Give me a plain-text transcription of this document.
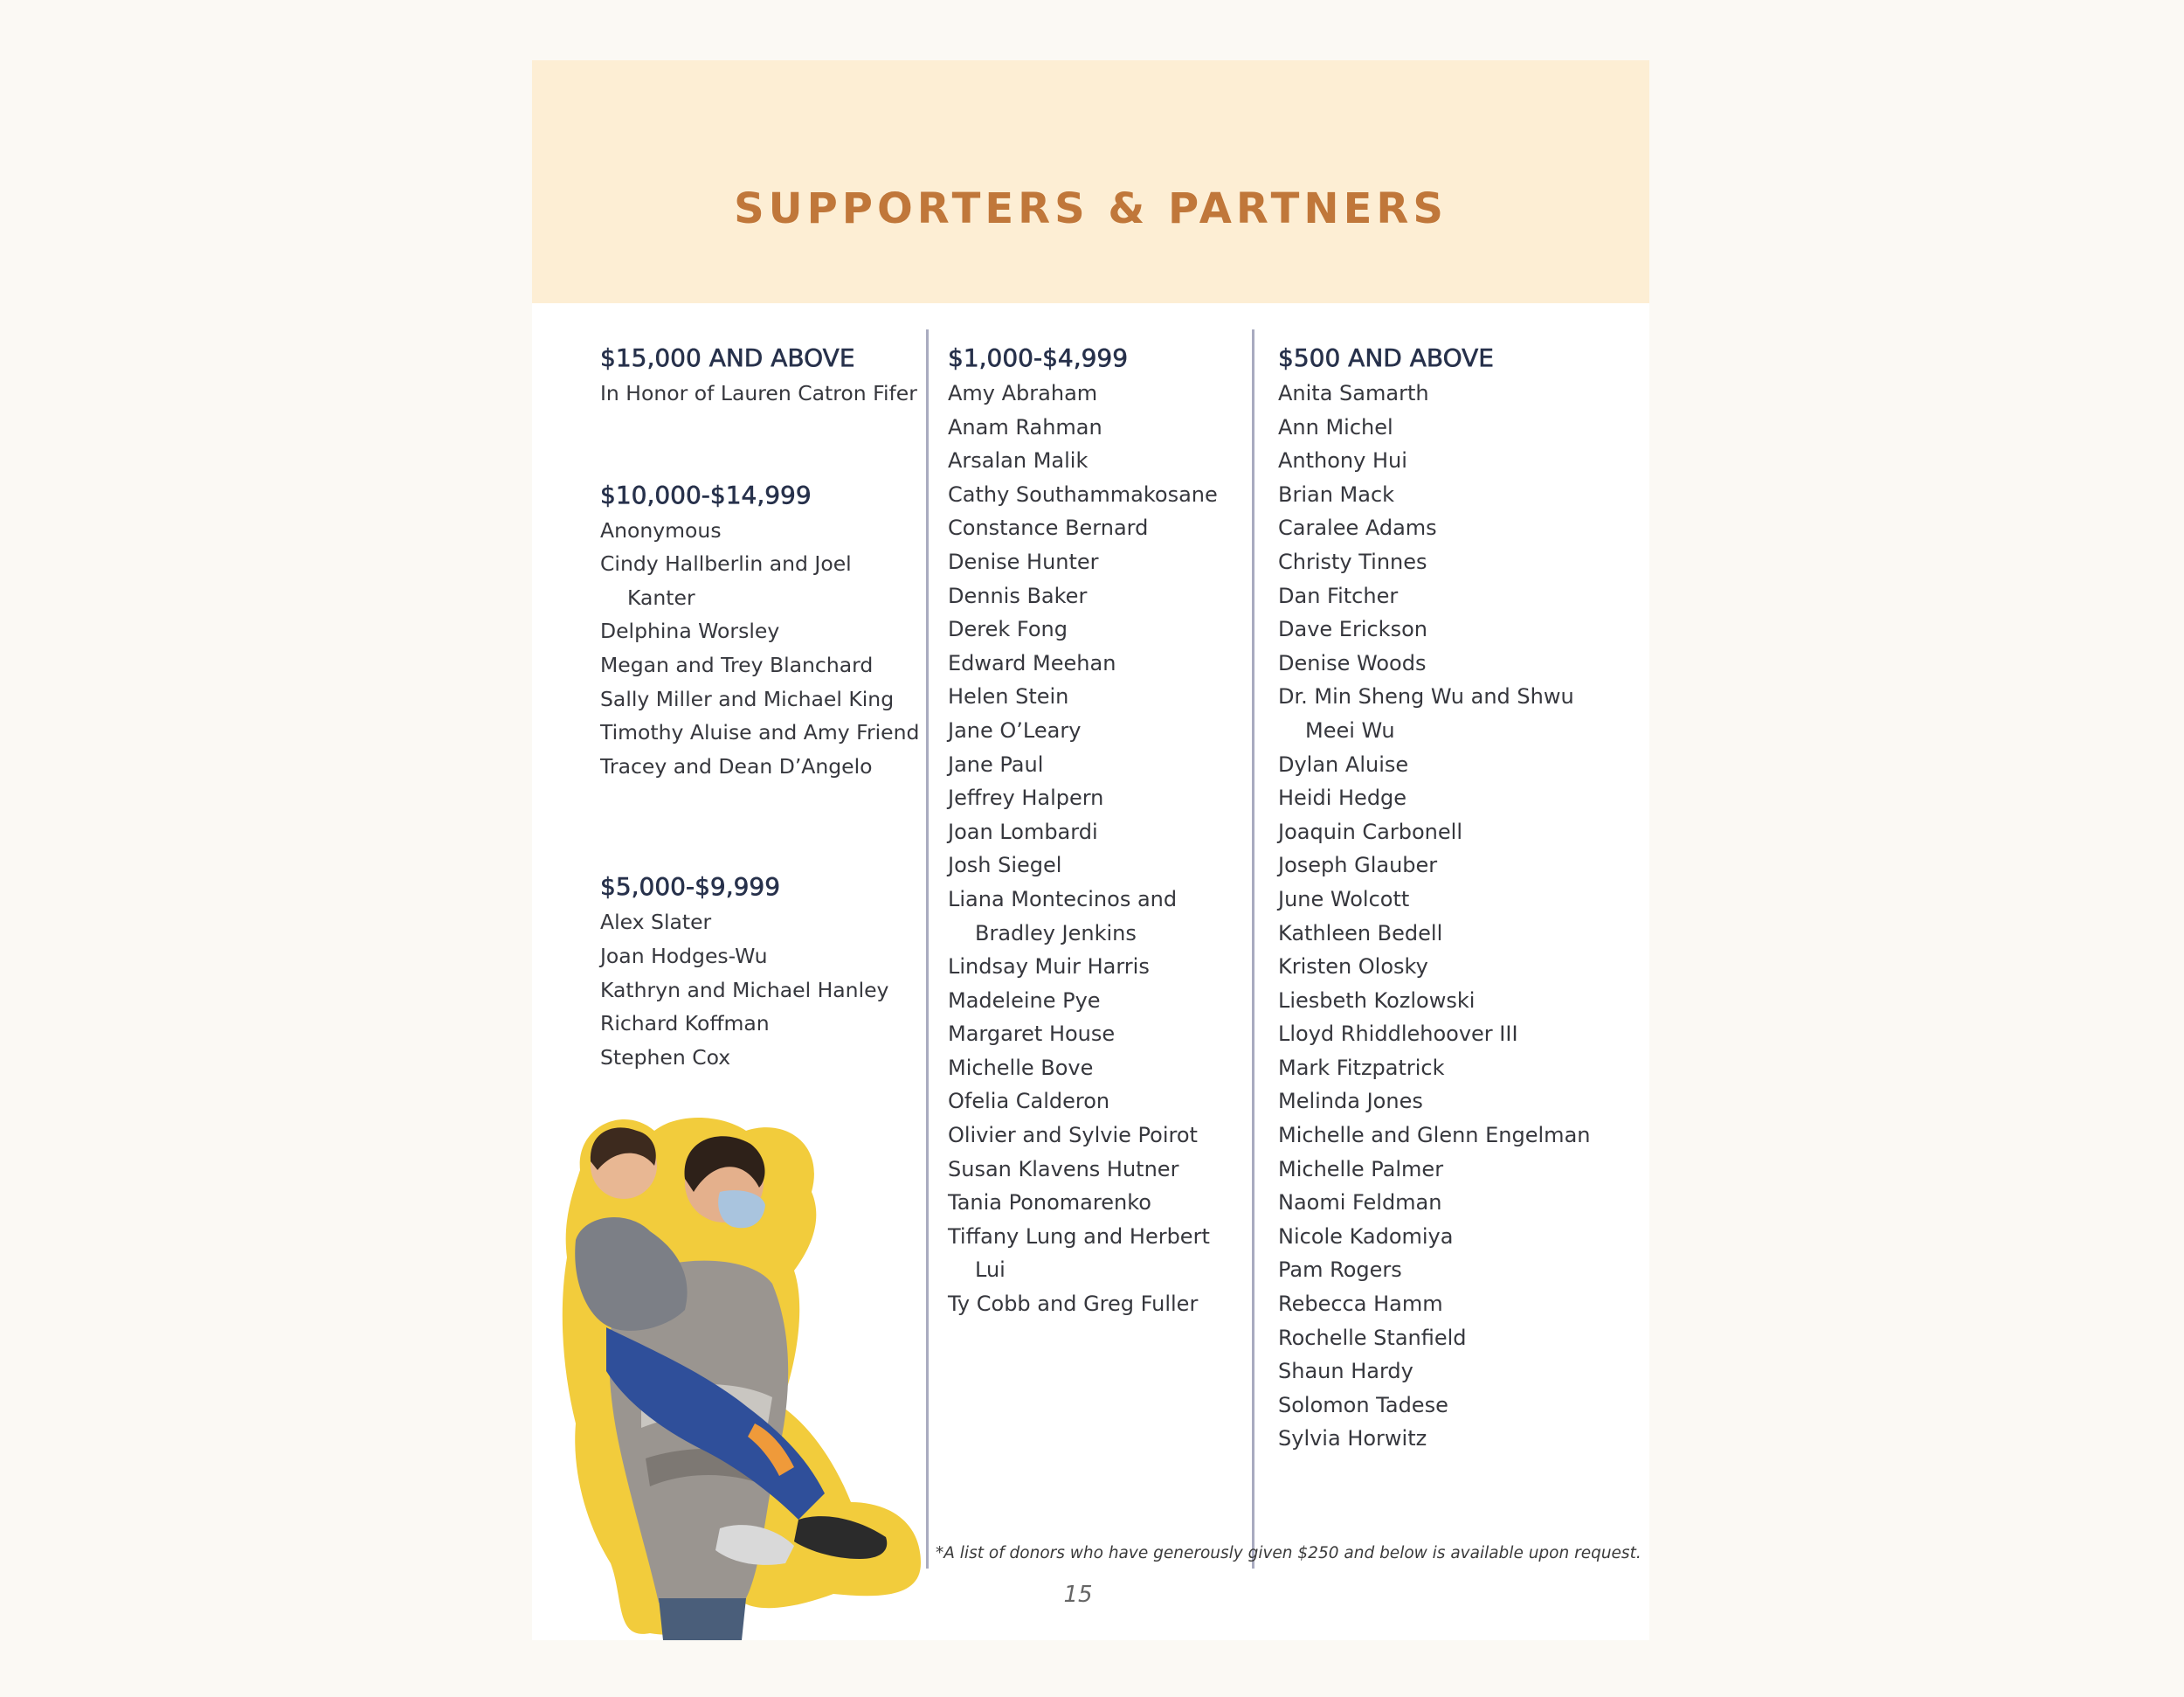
SUPPORTERS & PARTNERS
$15,000 AND ABOVE
In Honor of Lauren Catron Fifer
$10,000-$14,999
Anonymous
Cindy Hallberlin and Joel Kanter
Delphina Worsley
Megan and Trey Blanchard
Sally Miller and Michael King
Timothy Aluise and Amy Friend
Tracey and Dean D’Angelo
$5,000-$9,999
Alex Slater
Joan Hodges-Wu
Kathryn and Michael Hanley
Richard Koffman
Stephen Cox
$1,000-$4,999
Amy Abraham
Anam Rahman
Arsalan Malik
Cathy Southammakosane
Constance Bernard
Denise Hunter
Dennis Baker
Derek Fong
Edward Meehan
Helen Stein
Jane O’Leary
Jane Paul
Jeffrey Halpern
Joan Lombardi
Josh Siegel
Liana Montecinos and Bradley Jenkins
Lindsay Muir Harris
Madeleine Pye
Margaret House
Michelle Bove
Ofelia Calderon
Olivier and Sylvie Poirot
Susan Klavens Hutner
Tania Ponomarenko
Tiffany Lung and Herbert Lui
Ty Cobb and Greg Fuller
$500 AND ABOVE
Anita Samarth
Ann Michel
Anthony Hui
Brian Mack
Caralee Adams
Christy Tinnes
Dan Fitcher
Dave Erickson
Denise Woods
Dr. Min Sheng Wu and Shwu Meei Wu
Dylan Aluise
Heidi Hedge
Joaquin Carbonell
Joseph Glauber
June Wolcott
Kathleen Bedell
Kristen Olosky
Liesbeth Kozlowski
Lloyd Rhiddlehoover III
Mark Fitzpatrick
Melinda Jones
Michelle and Glenn Engelman
Michelle Palmer
Naomi Feldman
Nicole Kadomiya
Pam Rogers
Rebecca Hamm
Rochelle Stanfield
Shaun Hardy
Solomon Tadese
Sylvia Horwitz
*A list of donors who have generously given $250 and below is available upon request.
15
